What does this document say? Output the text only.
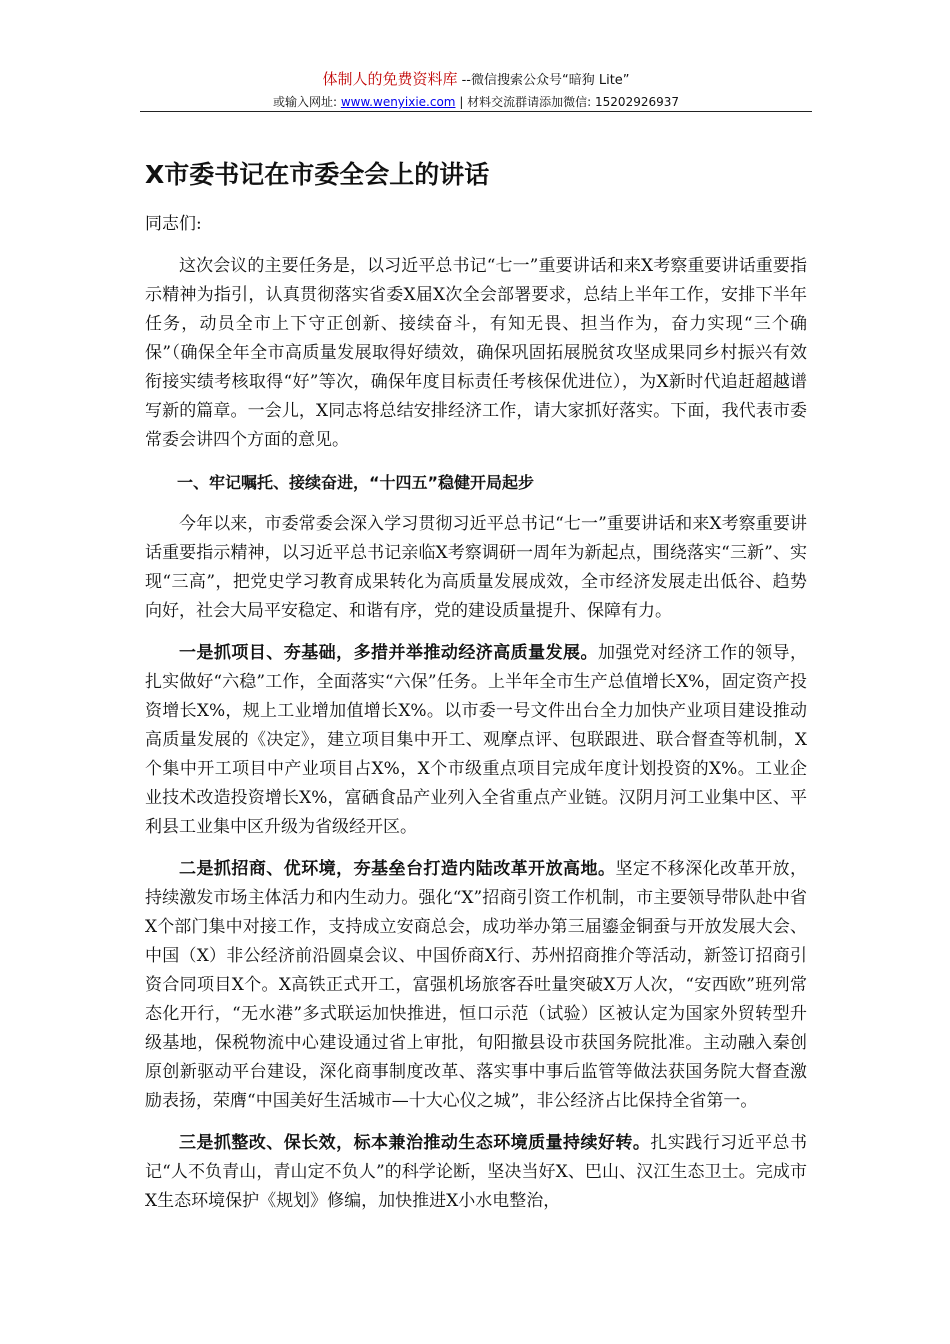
体制人的免费资料库 --微信搜索公众号“暗狗 Lite”
或输入网址: www.wenyixie.com | 材料交流群请添加微信: 15202926937
X市委书记在市委全会上的讲话

同志们:

这次会议的主要任务是，以习近平总书记“七一”重要讲话和来X考察重要讲话重要指示精神为指引，认真贯彻落实省委X届X次全会部署要求，总结上半年工作，安排下半年任务，动员全市上下守正创新、接续奋斗，有知无畏、担当作为，奋力实现“三个确保”（确保全年全市高质量发展取得好绩效，确保巩固拓展脱贫攻坚成果同乡村振兴有效衔接实绩考核取得“好”等次，确保年度目标责任考核保优进位），为X新时代追赶超越谱写新的篇章。一会儿，X同志将总结安排经济工作，请大家抓好落实。下面，我代表市委常委会讲四个方面的意见。

一、牢记嘱托、接续奋进，“十四五”稳健开局起步

今年以来，市委常委会深入学习贯彻习近平总书记“七一”重要讲话和来X考察重要讲话重要指示精神，以习近平总书记亲临X考察调研一周年为新起点，围绕落实“三新”、实现“三高”，把党史学习教育成果转化为高质量发展成效，全市经济发展走出低谷、趋势向好，社会大局平安稳定、和谐有序，党的建设质量提升、保障有力。

一是抓项目、夯基础，多措并举推动经济高质量发展。加强党对经济工作的领导，扎实做好“六稳”工作，全面落实“六保”任务。上半年全市生产总值增长X%，固定资产投资增长X%，规上工业增加值增长X%。以市委一号文件出台全力加快产业项目建设推动高质量发展的《决定》，建立项目集中开工、观摩点评、包联跟进、联合督查等机制，X个集中开工项目中产业项目占X%，X个市级重点项目完成年度计划投资的X%。工业企业技术改造投资增长X%，富硒食品产业列入全省重点产业链。汉阴月河工业集中区、平利县工业集中区升级为省级经开区。

二是抓招商、优环境，夯基垒台打造内陆改革开放高地。坚定不移深化改革开放，持续激发市场主体活力和内生动力。强化“X”招商引资工作机制，市主要领导带队赴中省X个部门集中对接工作，支持成立安商总会，成功举办第三届鎏金铜蚕与开放发展大会、中国（X）非公经济前沿圆桌会议、中国侨商X行、苏州招商推介等活动，新签订招商引资合同项目X个。X高铁正式开工，富强机场旅客吞吐量突破X万人次，“安西欧”班列常态化开行，“无水港”多式联运加快推进，恒口示范（试验）区被认定为国家外贸转型升级基地，保税物流中心建设通过省上审批，旬阳撤县设市获国务院批准。主动融入秦创原创新驱动平台建设，深化商事制度改革、落实事中事后监管等做法获国务院大督查激励表扬，荣膺“中国美好生活城市—十大心仪之城”，非公经济占比保持全省第一。

三是抓整改、保长效，标本兼治推动生态环境质量持续好转。扎实践行习近平总书记“人不负青山，青山定不负人”的科学论断，坚决当好X、巴山、汉江生态卫士。完成市X生态环境保护《规划》修编，加快推进X小水电整治，
